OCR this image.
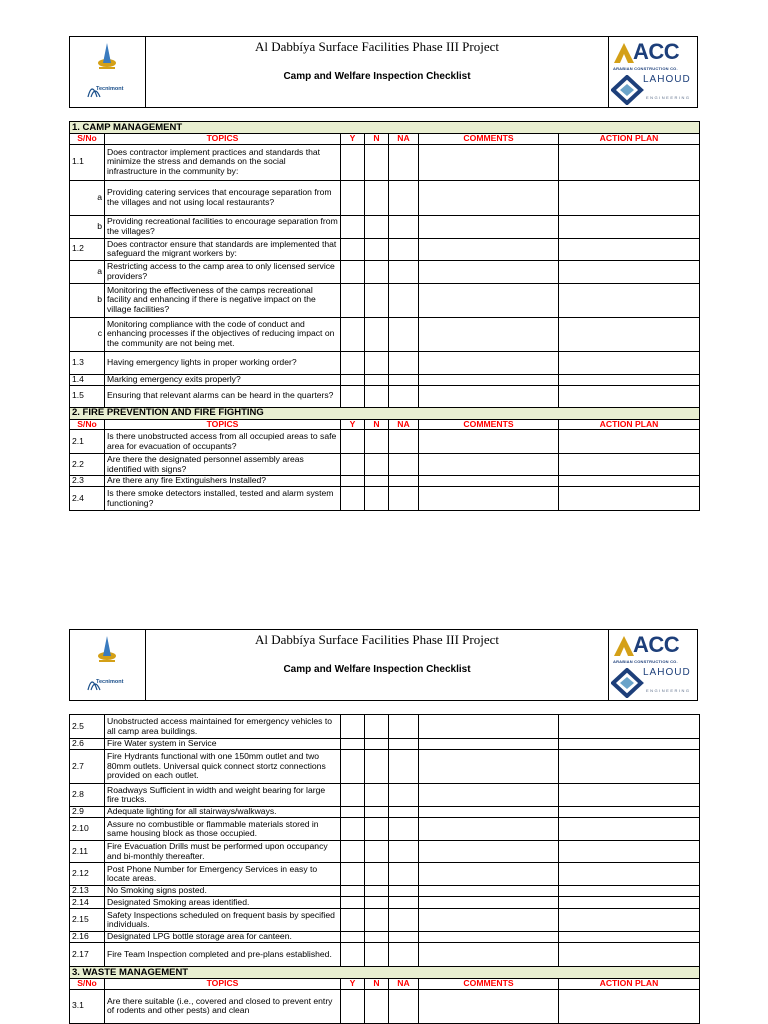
Tecnimont
Al Dabbíya Surface Facilities Phase III Project
Camp and Welfare Inspection Checklist
ACC
ARABIAN CONSTRUCTION CO.
LAHOUD
ENGINEERING
1. CAMP MANAGEMENT						
S/No	TOPICS	Y	N	NA	COMMENTS	ACTION PLAN
1.1	Does contractor implement practices and standards that minimize the stress and demands on the social infrastructure in the community by:					
a	Providing catering services that encourage separation from the villages and not using local restaurants?					
b	Providing recreational facilities to encourage separation from the villages?					
1.2	Does contractor ensure that standards are implemented that safeguard the migrant workers by:					
a	Restricting access to the camp area to only licensed service providers?					
b	Monitoring the effectiveness of the camps recreational facility and enhancing if there is negative impact on the village facilities?					
c	Monitoring compliance with the code of conduct and enhancing processes if the objectives of reducing impact on the community are not being met.					
1.3	Having emergency lights in proper working order?					
1.4	Marking emergency exits properly?					
1.5	Ensuring that relevant alarms can be heard in the quarters?					
2. FIRE PREVENTION AND FIRE FIGHTING						
S/No	TOPICS	Y	N	NA	COMMENTS	ACTION PLAN
2.1	Is there unobstructed access from all occupied areas to safe area for evacuation of occupants?					
2.2	Are there the designated personnel assembly areas identified with signs?					
2.3	Are there any fire Extinguishers Installed?					
2.4	Is there smoke detectors installed, tested and alarm system functioning?					
Tecnimont
Al Dabbíya Surface Facilities Phase III Project
Camp and Welfare Inspection Checklist
ACC
ARABIAN CONSTRUCTION CO.
LAHOUD
ENGINEERING
2.5	Unobstructed access maintained for emergency vehicles to all camp area buildings.					
2.6	Fire Water system in Service					
2.7	Fire Hydrants functional with one 150mm outlet and two 80mm outlets. Universal quick connect stortz connections provided on each outlet.					
2.8	Roadways Sufficient in width and weight bearing for large fire trucks.					
2.9	Adequate lighting for all stairways/walkways.					
2.10	Assure no combustible or flammable materials stored in same housing block as those occupied.					
2.11	Fire Evacuation Drills must be performed upon occupancy and bi-monthly thereafter.					
2.12	Post Phone Number for Emergency Services in easy to locate areas.					
2.13	No Smoking signs posted.					
2.14	Designated Smoking areas identified.					
2.15	Safety Inspections scheduled on frequent basis by specified individuals.					
2.16	Designated LPG bottle storage area for canteen.					
2.17	Fire Team Inspection completed and pre-plans established.					
3. WASTE MANAGEMENT						
S/No	TOPICS	Y	N	NA	COMMENTS	ACTION PLAN
3.1	Are there suitable (i.e., covered and closed to prevent entry of rodents and other pests) and clean					
